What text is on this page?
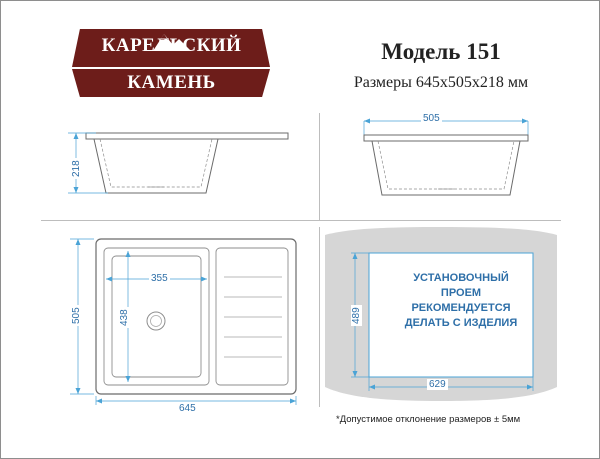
КАРЕЛЬСКИЙ
КАМЕНЬ
Модель 151
Размеры 645х505х218 мм
218
505
355
438
505
645
489
629
УСТАНОВОЧНЫЙ
ПРОЕМ
РЕКОМЕНДУЕТСЯ
ДЕЛАТЬ С ИЗДЕЛИЯ
*Допустимое отклонение размеров ± 5мм
